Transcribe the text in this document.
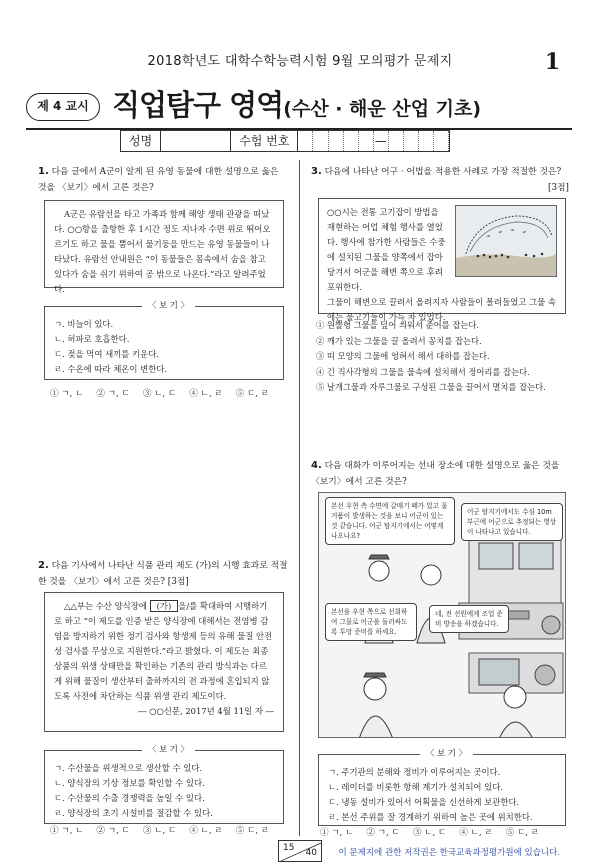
2018학년도 대학수학능력시험 9월 모의평가 문제지	1
제 4 교시 직업탐구 영역(수산 · 해운 산업 기초)
성명	수험 번호	—
1. 다음 글에서 A군이 알게 된 유영 동물에 대한 설명으로 옳은 것을 〈보기〉에서 고른 것은?
A군은 유람선을 타고 가족과 함께 해양 생태 관광을 떠났다. ○○항을 출항한 후 1시간 정도 지나자 수면 위로 뛰어오르기도 하고 물을 뿜어서 물기둥을 만드는 유영 동물들이 나타났다. 유람선 안내원은 “이 동물들은 몸속에서 숨을 참고 있다가 숨을 쉬기 위하여 공 밖으로 나온다.”라고 알려주었다.
ㄱ. 비늘이 있다.
ㄴ. 허파로 호흡한다.
ㄷ. 젖을 먹여 새끼를 키운다.
ㄹ. 수온에 따라 체온이 변한다.
〈 보 기 〉
① ㄱ, ㄴ ② ㄱ, ㄷ ③ ㄴ, ㄷ ④ ㄴ, ㄹ ⑤ ㄷ, ㄹ
2. 다음 기사에서 나타난 식품 관리 제도 (가)의 시행 효과로 적절한 것을 〈보기〉에서 고른 것은? [3점]
△△부는 수산 양식장에 (가) 을/를 확대하여 시행하기로 하고 “이 제도를 인증 받은 양식장에 대해서는 전염병 감염을 방지하기 위한 정기 검사와 항생제 등의 유해 물질 안전성 검사를 무상으로 지원한다.”라고 밝혔다. 이 제도는 최종 상품의 위생 상태만을 확인하는 기존의 관리 방식과는 다르게 위해 물질이 생산부터 출하까지의 전 과정에 혼입되지 않도록 사전에 차단하는 식품 위생 관리 제도이다.
― ○○신문, 2017년 4월 11일 자 ―
ㄱ. 수산물을 위생적으로 생산할 수 있다.
ㄴ. 양식장의 기상 정보를 확인할 수 있다.
ㄷ. 수산물의 수출 경쟁력을 높일 수 있다.
ㄹ. 양식장의 초기 시설비를 절감할 수 있다.
〈 보 기 〉
① ㄱ, ㄴ ② ㄱ, ㄷ ③ ㄴ, ㄷ ④ ㄴ, ㄹ ⑤ ㄷ, ㄹ
3. 다음에 나타난 어구 · 어법을 적용한 사례로 가장 적절한 것은?
[3점]
○○시는 전통 고기잡이 방법을 재현하는 어업 체험 행사를 열었다. 행사에 참가한 사람들은 수중에 설치된 그물을 양쪽에서 잡아당겨서 어군을 해변 쪽으로 후려 포위한다.
그물이 해변으로 끌려서 올려지자 사람들이 몰려들었고 그물 속에는 물고기들이 가득 차 있었다.
① 원뿔형 그물을 덮어 씌워서 준어를 잡는다.
② 깨가 있는 그물을 끌 올려서 꽁치를 잡는다.
③ 띠 모양의 그물에 엉혀서 해서 대하를 잡는다.
④ 긴 직사각형의 그물을 물속에 설치해서 정어리를 잡는다.
⑤ 날개그물과 자루그물로 구성된 그물을 끌어서 멸치를 잡는다.
4. 다음 대화가 이루어지는 선내 장소에 대한 설명으로 옳은 것을 〈보기〉에서 고른 것은?
본선 우현 측 수면에 갈매기 떼가 있고 물거품이 발생하는 것을 보니 어군이 있는 것 같습니다. 어군 탐지기에서는 어떻게 나오나요?
어군 탐지기에서도 수심 10m 부근에 어군으로 추정되는 영상이 나타나고 있습니다.
본선을 우현 쪽으로 선회하여 그물로 어군을 둘러싸도록 투망 준비를 하세요.
네, 전 선원에게 조업 준비 방송을 하겠습니다.
ㄱ. 주기관의 분해와 정비가 이루어지는 곳이다.
ㄴ. 레이더를 비롯한 항해 계기가 설치되어 있다.
ㄷ. 냉동 설비가 있어서 어획물을 신선하게 보관한다.
ㄹ. 본선 주위를 잘 경계하기 위하여 높은 곳에 위치한다.
〈 보 기 〉
① ㄱ, ㄴ ② ㄱ, ㄷ ③ ㄴ, ㄷ ④ ㄴ, ㄹ ⑤ ㄷ, ㄹ
15 40	이 문제지에 관한 저작권은 한국교육과정평가원에 있습니다.
